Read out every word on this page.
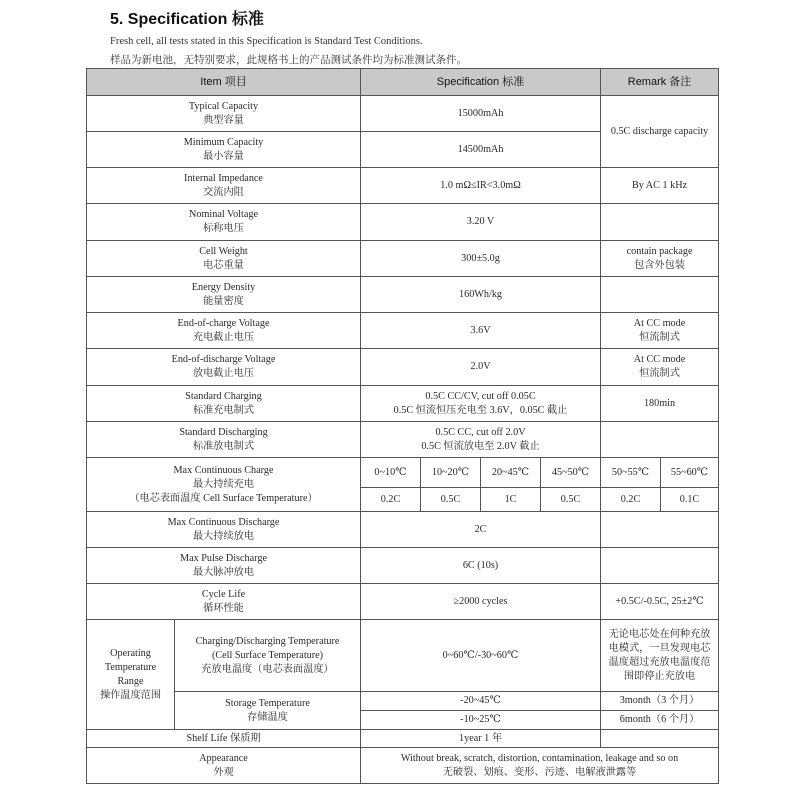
5. Specification 标准
Fresh cell, all tests stated in this Specification is Standard Test Conditions.
样品为新电池，无特别要求，此规格书上的产品测试条件均为标准测试条件。
Item 项目		Specification 标准				Remark 备注	

Typical Capacity
典型容量		15000mAh				0.5C discharge capacity	

Minimum Capacity
最小容量		14500mAh					

Internal Impedance
交流内阻		1.0 mΩ≤IR<3.0mΩ				By AC 1 kHz	

Nominal Voltage
标称电压		3.20 V					

Cell Weight
电芯重量		300±5.0g				contain package
包含外包装	

Energy Density
能量密度		160Wh/kg					

End-of-charge Voltage
充电截止电压		3.6V				At CC mode
恒流制式	

End-of-discharge Voltage
放电截止电压		2.0V				At CC mode
恒流制式	

Standard Charging
标准充电制式		0.5C CC/CV, cut off 0.05C
0.5C 恒流恒压充电至 3.6V，0.05C 截止				180min	

Standard Discharging
标准放电制式		0.5C CC, cut off 2.0V
0.5C 恒流放电至 2.0V 截止					

Max Continuous Charge
最大持续充电
（电芯表面温度 Cell Surface Temperature）		0~10℃	10~20℃	20~45℃	45~50℃	50~55℃	55~60℃
		0.2C	0.5C	1C	0.5C	0.2C	0.1C

Max Continuous Discharge
最大持续放电		2C					

Max Pulse Discharge
最大脉冲放电		6C (10s)					

Cycle Life
循环性能		≥2000 cycles				+0.5C/-0.5C, 25±2℃	

Operating
Temperature
Range
操作温度范围	Charging/Discharging Temperature
(Cell Surface Temperature)
充放电温度（电芯表面温度）	0~60℃/-30~60℃				无论电芯处在何种充放
电模式，一旦发现电芯
温度超过充放电温度范
围即停止充放电	

	Storage Temperature
存储温度	-20~45℃				3month（3 个月）	
		-10~25℃				6month（6 个月）	
Shelf Life 保质期		1year 1 年					

Appearance
外观		Without break, scratch, distortion, contamination, leakage and so on
无破裂、划痕、变形、污迹、电解液泄露等					
